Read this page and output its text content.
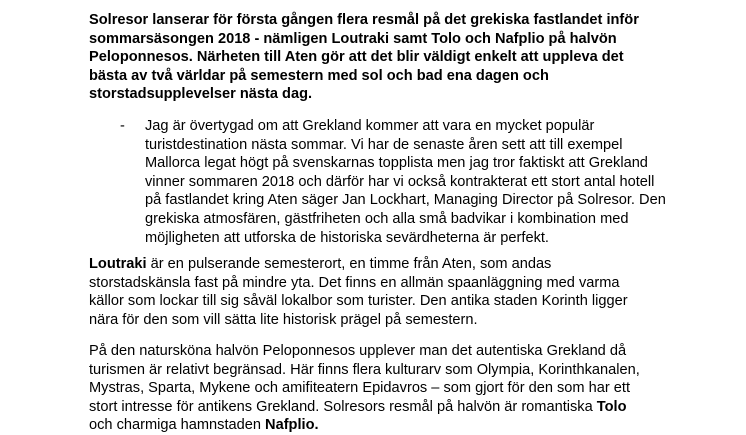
Solresor lanserar för första gången flera resmål på det grekiska fastlandet inför
sommarsäsongen 2018 - nämligen Loutraki samt Tolo och Nafplio på halvön
Peloponnesos. Närheten till Aten gör att det blir väldigt enkelt att uppleva det
bästa av två världar på semestern med sol och bad ena dagen och
storstadsupplevelser nästa dag.
- Jag är övertygad om att Grekland kommer att vara en mycket populär
turistdestination nästa sommar. Vi har de senaste åren sett att till exempel
Mallorca legat högt på svenskarnas topplista men jag tror faktiskt att Grekland
vinner sommaren 2018 och därför har vi också kontrakterat ett stort antal hotell
på fastlandet kring Aten säger Jan Lockhart, Managing Director på Solresor. Den
grekiska atmosfären, gästfriheten och alla små badvikar i kombination med
möjligheten att utforska de historiska sevärdheterna är perfekt.
Loutraki är en pulserande semesterort, en timme från Aten, som andas
storstadskänsla fast på mindre yta. Det finns en allmän spaanläggning med varma
källor som lockar till sig såväl lokalbor som turister. Den antika staden Korinth ligger
nära för den som vill sätta lite historisk prägel på semestern.
På den natursköna halvön Peloponnesos upplever man det autentiska Grekland då
turismen är relativt begränsad. Här finns flera kulturarv som Olympia, Korinthkanalen,
Mystras, Sparta, Mykene och amifiteatern Epidavros – som gjort för den som har ett
stort intresse för antikens Grekland. Solresors resmål på halvön är romantiska Tolo
och charmiga hamnstaden Nafplio.
